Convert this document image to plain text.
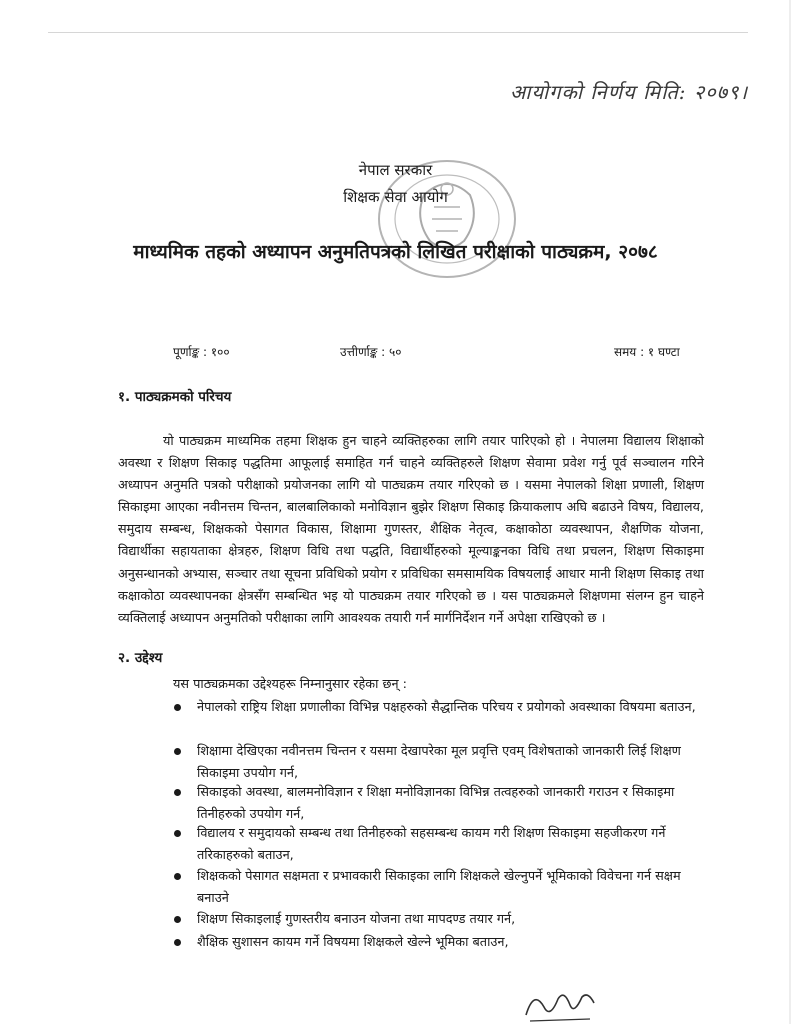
आयोगको निर्णय मिति: २०७९।
नेपाल सरकार
शिक्षक सेवा आयोग
माध्यमिक तहको अध्यापन अनुमतिपत्रको लिखित परीक्षाको पाठ्यक्रम, २०७८
पूर्णाङ्क : १००	उत्तीर्णाङ्क : ५०	समय : १ घण्टा
१. पाठ्यक्रमको परिचय

यो पाठ्यक्रम माध्यमिक तहमा शिक्षक हुन चाहने व्यक्तिहरुका लागि तयार पारिएको हो । नेपालमा विद्यालय शिक्षाको अवस्था र शिक्षण सिकाइ पद्धतिमा आफूलाई समाहित गर्न चाहने व्यक्तिहरुले शिक्षण सेवामा प्रवेश गर्नु पूर्व सञ्चालन गरिने अध्यापन अनुमति पत्रको परीक्षाको प्रयोजनका लागि यो पाठ्यक्रम तयार गरिएको छ । यसमा नेपालको शिक्षा प्रणाली, शिक्षण सिकाइमा आएका नवीनत्तम चिन्तन, बालबालिकाको मनोविज्ञान बुझेर शिक्षण सिकाइ क्रियाकलाप अघि बढाउने विषय, विद्यालय, समुदाय सम्बन्ध, शिक्षकको पेसागत विकास, शिक्षामा गुणस्तर, शैक्षिक नेतृत्व, कक्षाकोठा व्यवस्थापन, शैक्षणिक योजना, विद्यार्थीका सहायताका क्षेत्रहरु, शिक्षण विधि तथा पद्धति, विद्यार्थीहरुको मूल्याङ्कनका विधि तथा प्रचलन, शिक्षण सिकाइमा अनुसन्धानको अभ्यास, सञ्चार तथा सूचना प्रविधिको प्रयोग र प्रविधिका समसामयिक विषयलाई आधार मानी शिक्षण सिकाइ तथा कक्षाकोठा व्यवस्थापनका क्षेत्रसँग सम्बन्धित भइ यो पाठ्यक्रम तयार गरिएको छ । यस पाठ्यक्रमले शिक्षणमा संलग्न हुन चाहने व्यक्तिलाई अध्यापन अनुमतिको परीक्षाका लागि आवश्यक तयारी गर्न मार्गनिर्देशन गर्ने अपेक्षा राखिएको छ ।

२. उद्देश्य
यस पाठ्यक्रमका उद्देश्यहरू निम्नानुसार रहेका छन् :
नेपालको राष्ट्रिय शिक्षा प्रणालीका विभिन्न पक्षहरुको सैद्धान्तिक परिचय र प्रयोगको अवस्थाका विषयमा बताउन,
शिक्षामा देखिएका नवीनत्तम चिन्तन र यसमा देखापरेका मूल प्रवृत्ति एवम् विशेषताको जानकारी लिई शिक्षण सिकाइमा उपयोग गर्न,
सिकाइको अवस्था, बालमनोविज्ञान र शिक्षा मनोविज्ञानका विभिन्न तत्वहरुको जानकारी गराउन र सिकाइमा तिनीहरुको उपयोग गर्न,
विद्यालय र समुदायको सम्बन्ध तथा तिनीहरुको सहसम्बन्ध कायम गरी शिक्षण सिकाइमा सहजीकरण गर्ने तरिकाहरुको बताउन,
शिक्षकको पेसागत सक्षमता र प्रभावकारी सिकाइका लागि शिक्षकले खेल्नुपर्ने भूमिकाको विवेचना गर्न सक्षम बनाउने
शिक्षण सिकाइलाई गुणस्तरीय बनाउन योजना तथा मापदण्ड तयार गर्न,
शैक्षिक सुशासन कायम गर्ने विषयमा शिक्षकले खेल्ने भूमिका बताउन,
